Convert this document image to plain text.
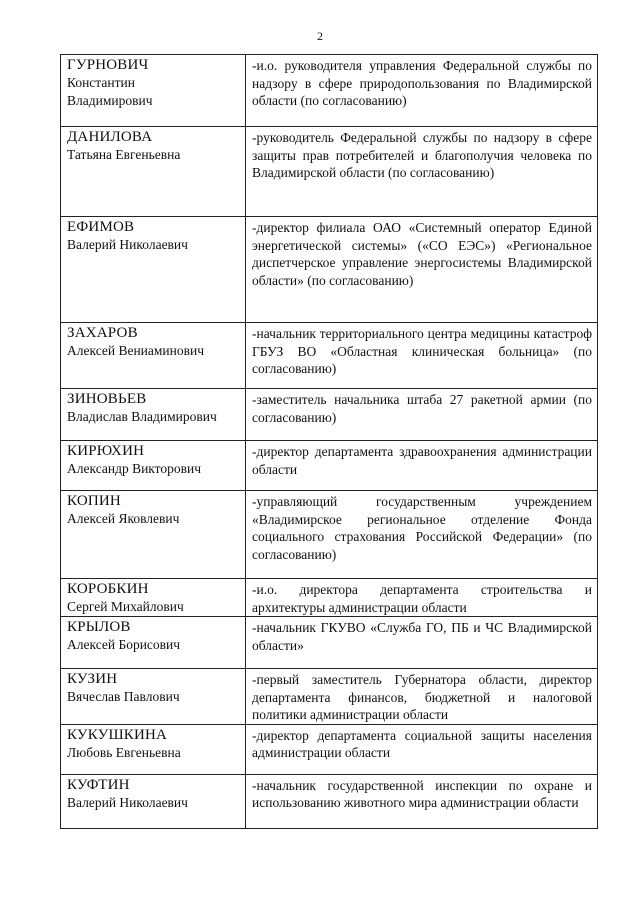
2
ГУРНОВИЧ
Константин
Владимирович	-и.о. руководителя управления Федеральной службы по надзору в сфере природопользования по Владимирской области (по согласованию)

ДАНИЛОВА
Татьяна Евгеньевна	-руководитель Федеральной службы по надзору в сфере защиты прав потребителей и благополучия человека по Владимирской области (по согласованию)

ЕФИМОВ
Валерий Николаевич	-директор филиала ОАО «Системный оператор Единой энергетической системы» («СО ЕЭС») «Региональное диспетчерское управление энергосистемы Владимирской области» (по согласованию)

ЗАХАРОВ
Алексей Вениаминович	-начальник территориального центра медицины катастроф ГБУЗ ВО «Областная клиническая больница» (по согласованию)

ЗИНОВЬЕВ
Владислав Владимирович	-заместитель начальника штаба 27 ракетной армии (по согласованию)

КИРЮХИН
Александр Викторович	-директор департамента здравоохранения администрации области

КОПИН
Алексей Яковлевич	-управляющий государственным учреждением «Владимирское региональное отделение Фонда социального страхования Российской Федерации» (по согласованию)

КОРОБКИН
Сергей Михайлович	-и.о. директора департамента строительства и архитектуры администрации области

КРЫЛОВ
Алексей Борисович	-начальник ГКУВО «Служба ГО, ПБ и ЧС Владимирской области»

КУЗИН
Вячеслав Павлович	-первый заместитель Губернатора области, директор департамента финансов, бюджетной и налоговой политики администрации области

КУКУШКИНА
Любовь Евгеньевна	-директор департамента социальной защиты населения администрации области

КУФТИН
Валерий Николаевич	-начальник государственной инспекции по охране и использованию животного мира администрации области
